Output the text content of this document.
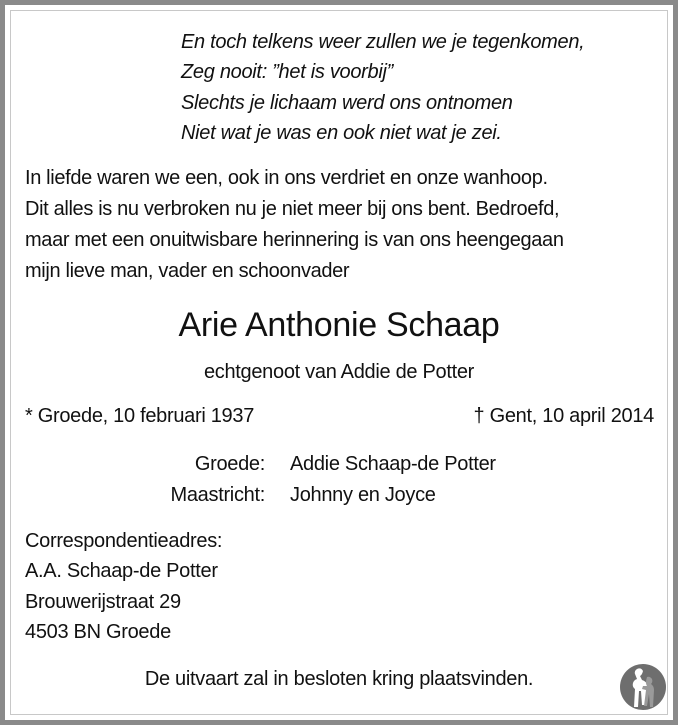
En toch telkens weer zullen we je tegenkomen,
Zeg nooit: ”het is voorbij”
Slechts je lichaam werd ons ontnomen
Niet wat je was en ook niet wat je zei.
In liefde waren we een, ook in ons verdriet en onze wanhoop.
Dit alles is nu verbroken nu je niet meer bij ons bent. Bedroefd,
maar met een onuitwisbare herinnering is van ons heengegaan
mijn lieve man, vader en schoonvader
Arie Anthonie Schaap
echtgenoot van Addie de Potter
* Groede, 10 februari 1937	† Gent, 10 april 2014
Groede: Addie Schaap-de Potter
Maastricht: Johnny en Joyce
Correspondentieadres:
A.A. Schaap-de Potter
Brouwerijstraat 29
4503 BN Groede
De uitvaart zal in besloten kring plaatsvinden.
